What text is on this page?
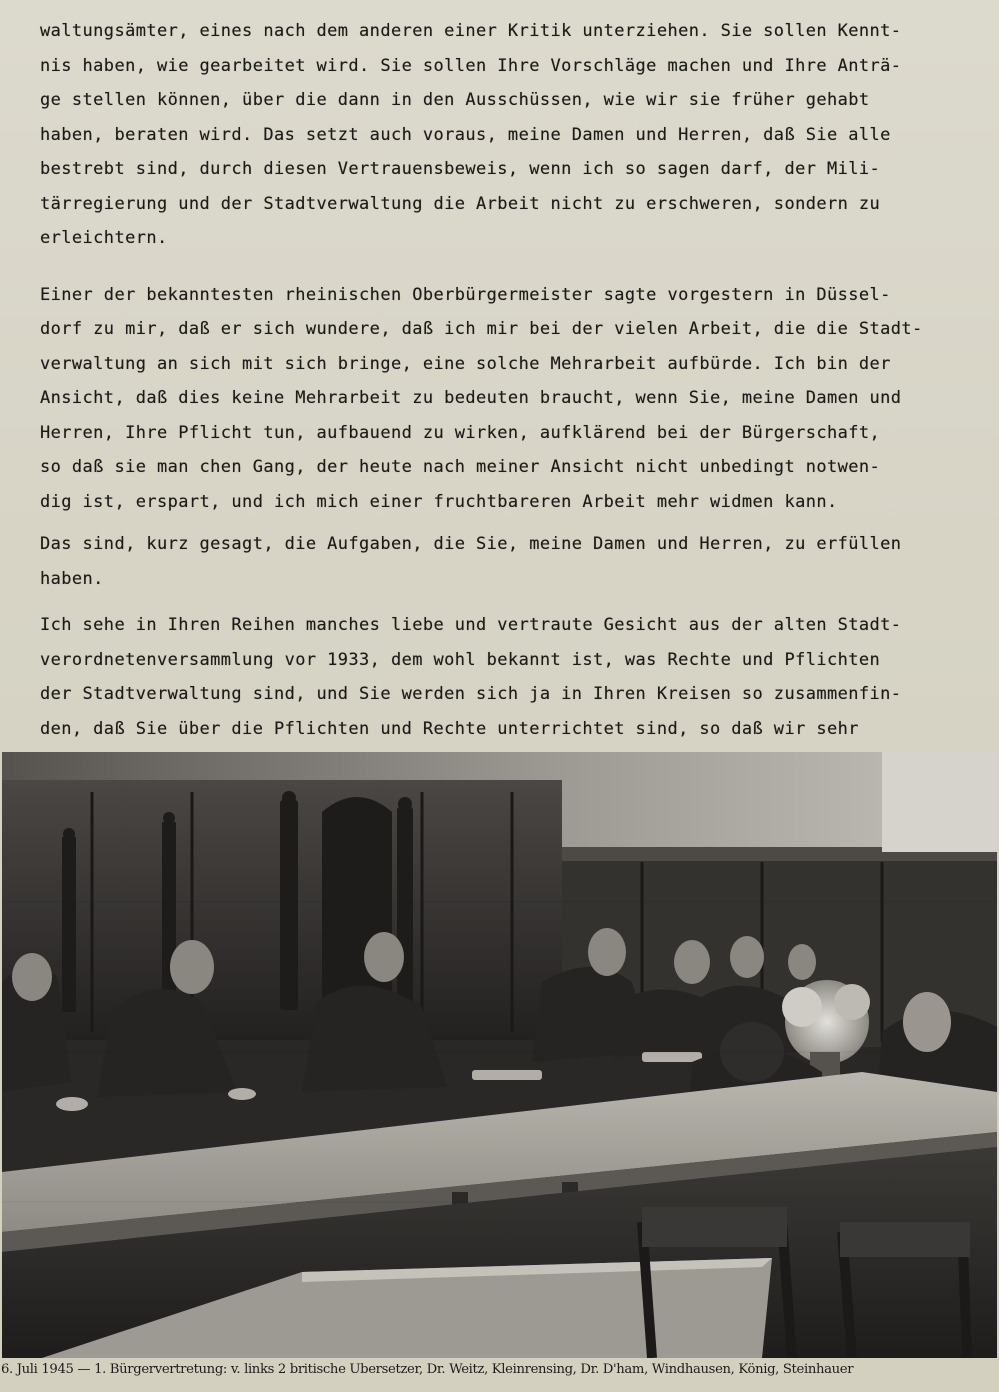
waltungsämter, eines nach dem anderen einer Kritik unterziehen. Sie sollen Kennt-
nis haben, wie gearbeitet wird. Sie sollen Ihre Vorschläge machen und Ihre Anträ-
ge stellen können, über die dann in den Ausschüssen, wie wir sie früher gehabt
haben, beraten wird. Das setzt auch voraus, meine Damen und Herren, daß Sie alle
bestrebt sind, durch diesen Vertrauensbeweis, wenn ich so sagen darf, der Mili-
tärregierung und der Stadtverwaltung die Arbeit nicht zu erschweren, sondern zu
erleichtern.
Einer der bekanntesten rheinischen Oberbürgermeister sagte vorgestern in Düssel-
dorf zu mir, daß er sich wundere, daß ich mir bei der vielen Arbeit, die die Stadt-
verwaltung an sich mit sich bringe, eine solche Mehrarbeit aufbürde. Ich bin der
Ansicht, daß dies keine Mehrarbeit zu bedeuten braucht, wenn Sie, meine Damen und
Herren, Ihre Pflicht tun, aufbauend zu wirken, aufklärend bei der Bürgerschaft,
so daß sie man chen Gang, der heute nach meiner Ansicht nicht unbedingt notwen-
dig ist, erspart, und ich mich einer fruchtbareren Arbeit mehr widmen kann.
Das sind, kurz gesagt, die Aufgaben, die Sie, meine Damen und Herren, zu erfüllen
haben.
Ich sehe in Ihren Reihen manches liebe und vertraute Gesicht aus der alten Stadt-
verordnetenversammlung vor 1933, dem wohl bekannt ist, was Rechte und Pflichten
der Stadtverwaltung sind, und Sie werden sich ja in Ihren Kreisen so zusammenfin-
den, daß Sie über die Pflichten und Rechte unterrichtet sind, so daß wir sehr
6. Juli 1945 — 1. Bürgervertretung: v. links 2 britische Übersetzer, Dr. Weitz, Kleinrensing, Dr. D'ham, Windhausen, König, Steinhauer
